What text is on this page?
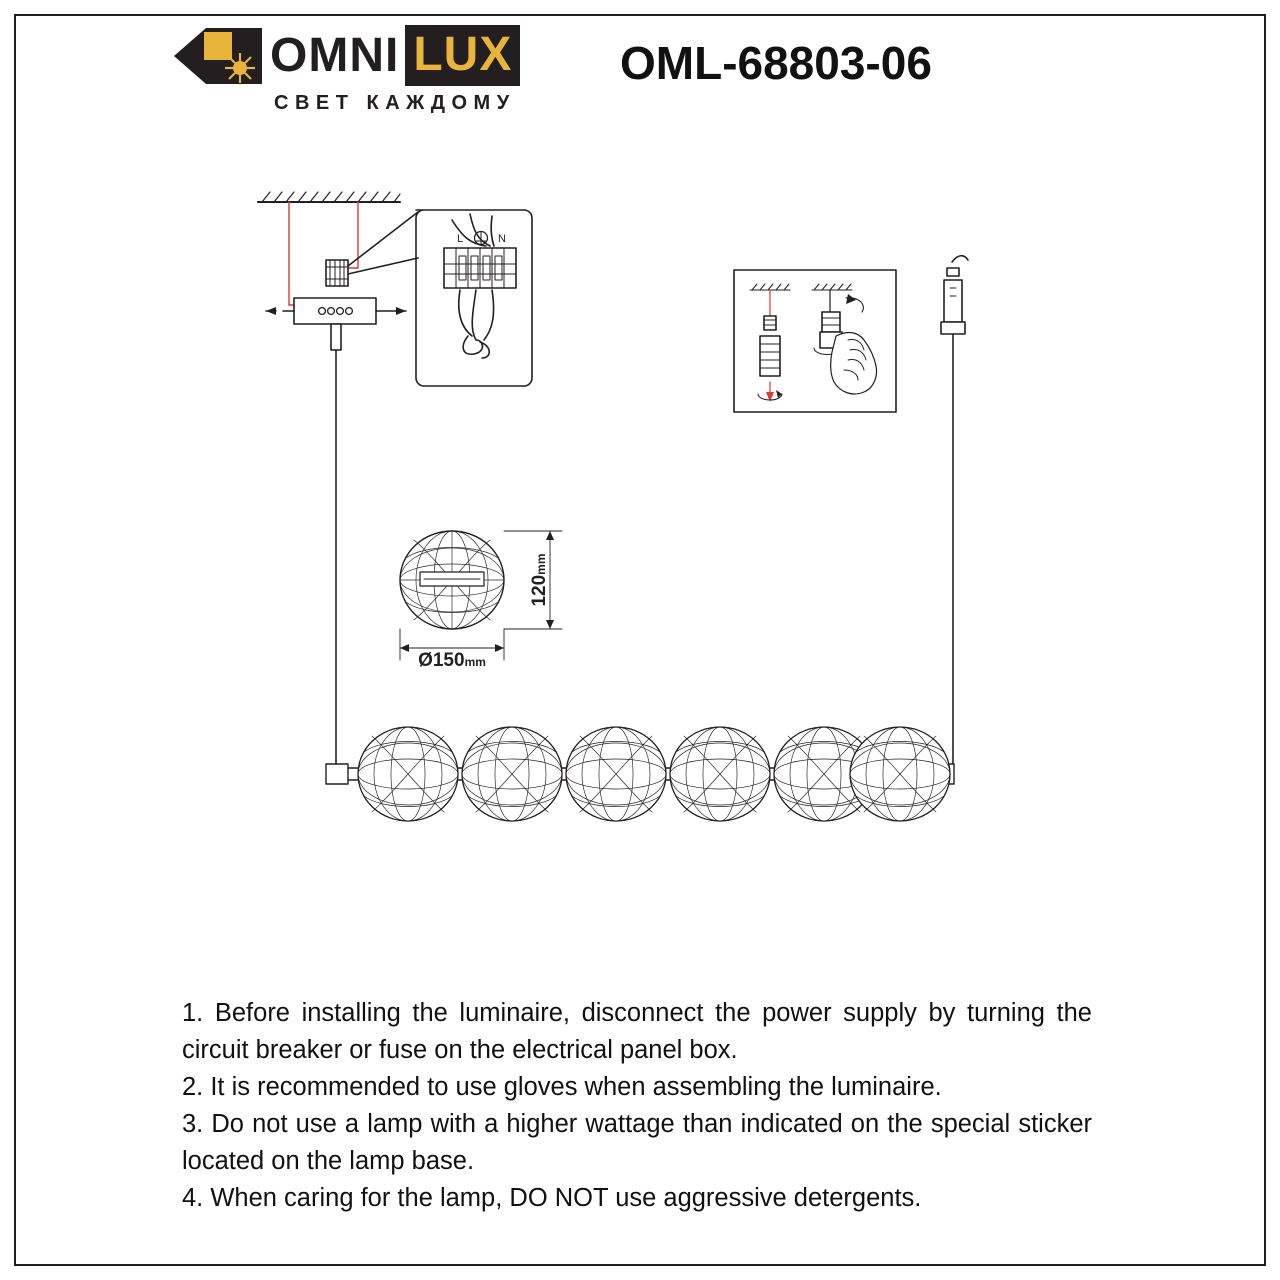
OMNI LUX
СВЕТ КАЖДОМУ
OML-68803-06
L	N
120mm
Ø150mm

1. Before installing the luminaire, disconnect the power supply by turning the circuit breaker or fuse on the electrical panel box.

2. It is recommended to use gloves when assembling the luminaire.

3. Do not use a lamp with a higher wattage than indicated on the special sticker located on the lamp base.

4. When caring for the lamp, DO NOT use aggressive detergents.
